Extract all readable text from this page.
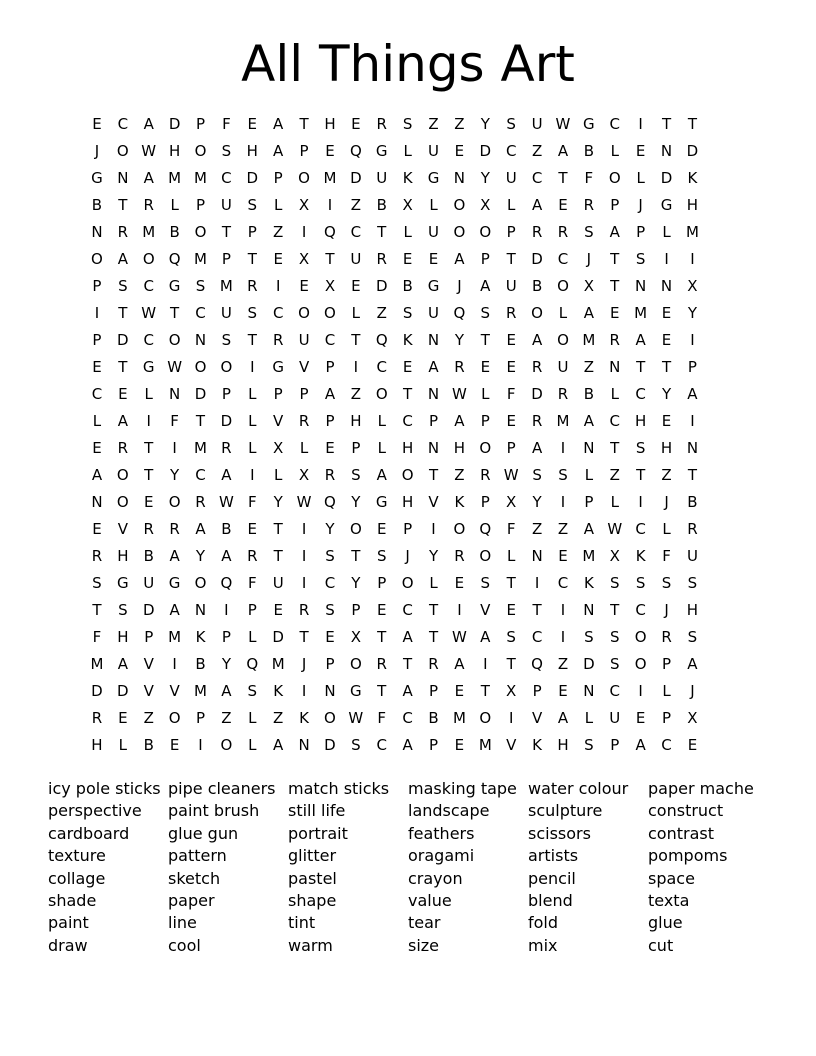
All Things Art
E	C	A D	P	F	E	A	T	H	E	R	S	Z	Z	Y	S	U W G C	I	T	T
J	O W H O	S	H	A	P	E	Q G	L	U	E	D C	Z	A	B	L	E	N D
G N	A M M C D	P	O M D U	K	G N	Y	U	C	T	F	O	L	D	K
B	T	R	L	P	U	S	L	X	I	Z	B	X	L	O X	L	A	E	R	P	J	G H
N	R M B O	T	P	Z	I	Q C	T	L	U O O	P	R	R	S	A	P	L	M
O A O Q M P	T	E	X	T	U	R	E	E	A	P	T	D C	J	T	S	I	I
P	S	C G	S M R	I	E	X	E	D B G	J	A	U	B O X	T	N N	X
I	T W T	C	U	S	C O O	L	Z	S	U Q	S	R O	L	A	E M E	Y
P	D C O N	S	T	R	U	C	T	Q	K	N	Y	T	E	A O M R	A	E	I
E	T	G W O O	I	G V	P	I	C	E	A	R	E	E	R	U	Z	N	T	T	P
C	E	L	N D	P	L	P	P	A	Z O	T	N W L	F	D R	B	L	C	Y	A
L	A	I	F	T	D	L	V	R	P	H	L	C	P	A	P	E	R M A	C	H	E	I
E	R	T	I	M R	L	X	L	E	P	L	H N H O	P	A	I	N	T	S	H N
A O	T	Y	C	A	I	L	X	R	S	A O	T	Z	R W S	S	L	Z	T	Z	T
N O	E	O R W F	Y W Q	Y	G H	V	K	P	X	Y	I	P	L	I	J	B
E	V	R	R	A	B	E	T	I	Y	O	E	P	I	O Q	F	Z	Z	A W C	L	R
R	H	B	A	Y	A	R	T	I	S	T	S	J	Y	R O	L	N	E M X	K	F	U
S	G U G O Q	F	U	I	C	Y	P	O	L	E	S	T	I	C	K	S	S	S	S
T	S	D A	N	I	P	E	R	S	P	E	C	T	I	V	E	T	I	N	T	C	J	H
F	H	P M K	P	L	D	T	E	X	T	A	T W A	S	C	I	S	S	O R	S
M A	V	I	B	Y	Q M	J	P	O R	T	R	A	I	T	Q Z D	S	O	P	A
D D V	V M A	S	K	I	N G	T	A	P	E	T	X	P	E	N	C	I	L	J
R	E	Z O	P	Z	L	Z	K	O W F	C	B M O	I	V	A	L	U	E	P	X
H	L	B	E	I	O	L	A	N D	S	C	A	P	E M V	K	H	S	P	A	C	E
icy pole sticks
perspective
cardboard
texture
collage
shade
paint
draw
pipe cleaners
paint brush
glue gun
pattern
sketch
paper
line
cool
match sticks
still life
portrait
glitter
pastel
shape
tint
warm
masking tape
landscape
feathers
oragami
crayon
value
tear
size
water colour
sculpture
scissors
artists
pencil
blend
fold
mix
paper mache
construct
contrast
pompoms
space
texta
glue
cut
